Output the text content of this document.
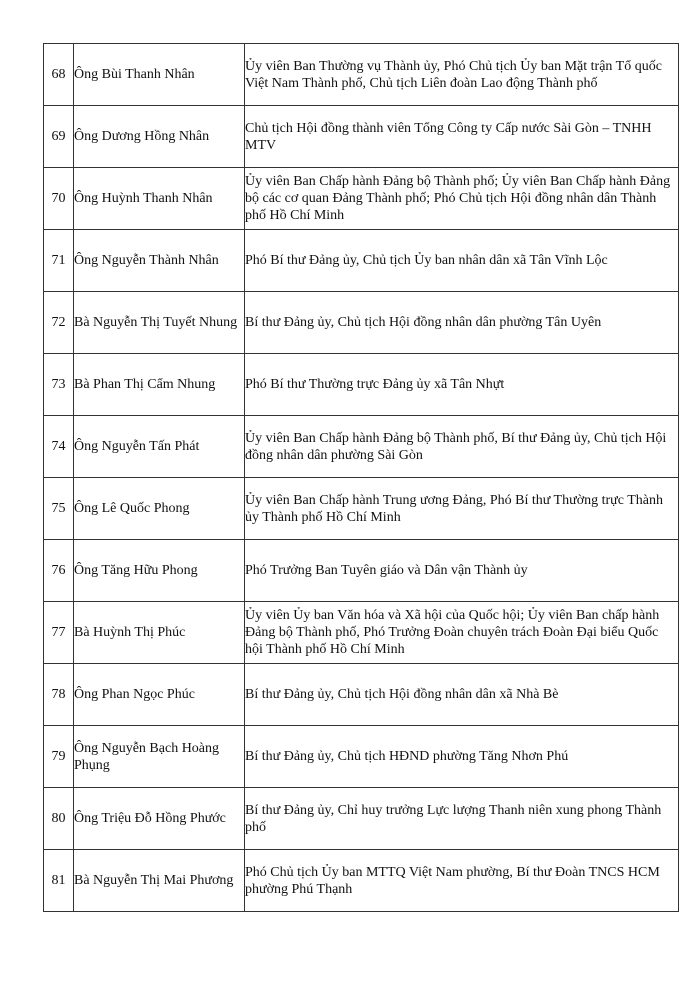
68	Ông Bùi Thanh Nhân	Ủy viên Ban Thường vụ Thành ủy, Phó Chủ tịch Ủy ban Mặt trận Tổ quốc Việt Nam Thành phố, Chủ tịch Liên đoàn Lao động Thành phố
69	Ông Dương Hồng Nhân	Chủ tịch Hội đồng thành viên Tổng Công ty Cấp nước Sài Gòn – TNHH MTV
70	Ông Huỳnh Thanh Nhân	Ủy viên Ban Chấp hành Đảng bộ Thành phố; Ủy viên Ban Chấp hành Đảng bộ các cơ quan Đảng Thành phố; Phó Chủ tịch Hội đồng nhân dân Thành phố Hồ Chí Minh
71	Ông Nguyễn Thành Nhân	Phó Bí thư Đảng ủy, Chủ tịch Ủy ban nhân dân xã Tân Vĩnh Lộc
72	Bà Nguyễn Thị Tuyết Nhung	Bí thư Đảng ủy, Chủ tịch Hội đồng nhân dân phường Tân Uyên
73	Bà Phan Thị Cẩm Nhung	Phó Bí thư Thường trực Đảng ủy xã Tân Nhựt
74	Ông Nguyễn Tấn Phát	Ủy viên Ban Chấp hành Đảng bộ Thành phố, Bí thư Đảng ủy, Chủ tịch Hội đồng nhân dân phường Sài Gòn
75	Ông Lê Quốc Phong	Ủy viên Ban Chấp hành Trung ương Đảng, Phó Bí thư Thường trực Thành ủy Thành phố Hồ Chí Minh
76	Ông Tăng Hữu Phong	Phó Trưởng Ban Tuyên giáo và Dân vận Thành ủy
77	Bà Huỳnh Thị Phúc	Ủy viên Ủy ban Văn hóa và Xã hội của Quốc hội; Ủy viên Ban chấp hành Đảng bộ Thành phố, Phó Trưởng Đoàn chuyên trách Đoàn Đại biểu Quốc hội Thành phố Hồ Chí Minh
78	Ông Phan Ngọc Phúc	Bí thư Đảng ủy, Chủ tịch Hội đồng nhân dân xã Nhà Bè
79	Ông Nguyễn Bạch Hoàng Phụng	Bí thư Đảng ủy, Chủ tịch HĐND phường Tăng Nhơn Phú
80	Ông Triệu Đỗ Hồng Phước	Bí thư Đảng ủy, Chỉ huy trưởng Lực lượng Thanh niên xung phong Thành phố
81	Bà Nguyễn Thị Mai Phương	Phó Chủ tịch Ủy ban MTTQ Việt Nam phường, Bí thư Đoàn TNCS HCM phường Phú Thạnh
